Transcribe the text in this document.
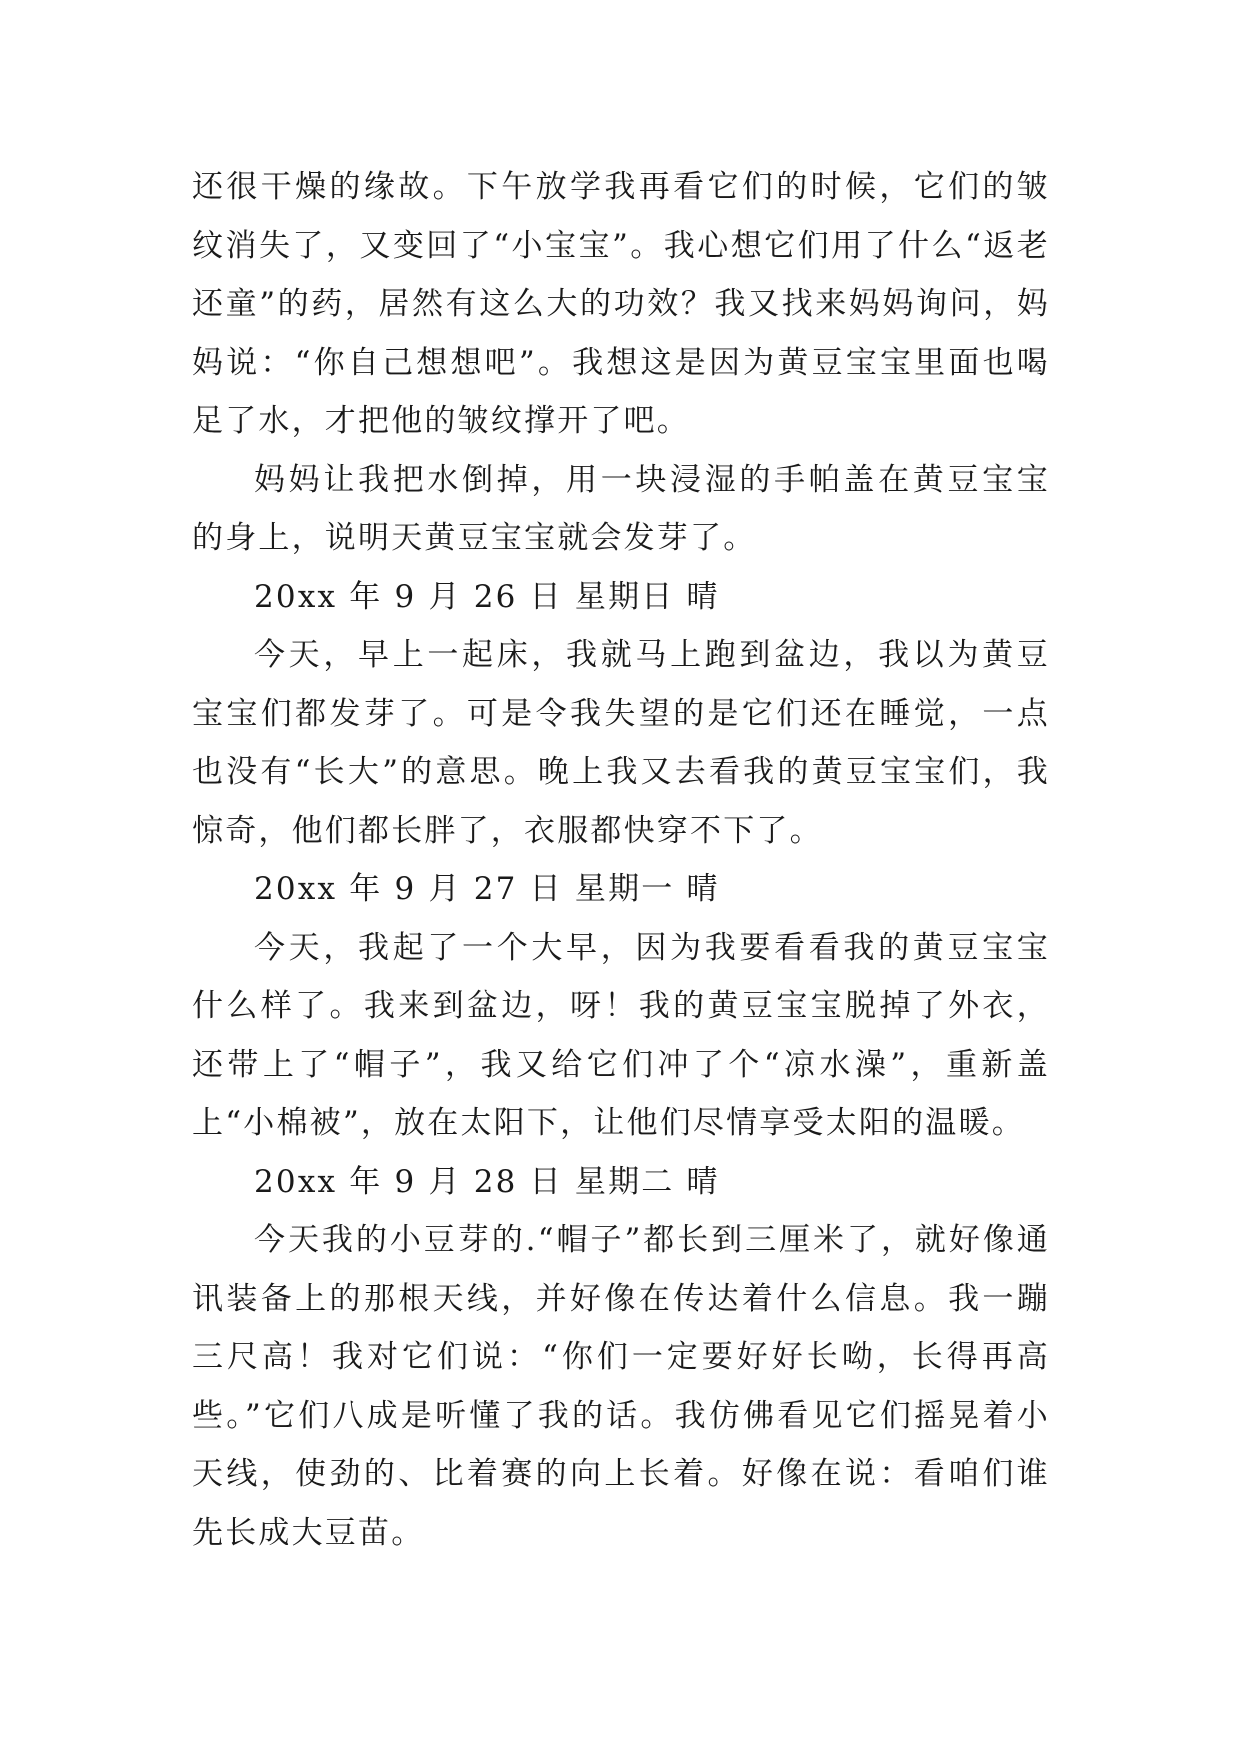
还很干燥的缘故。下午放学我再看它们的时候，它们的皱纹消失了，又变回了“小宝宝”。我心想它们用了什么“返老还童”的药，居然有这么大的功效？我又找来妈妈询问，妈妈说：“你自己想想吧”。我想这是因为黄豆宝宝里面也喝足了水，才把他的皱纹撑开了吧。

妈妈让我把水倒掉，用一块浸湿的手帕盖在黄豆宝宝的身上，说明天黄豆宝宝就会发芽了。

20xx 年 9 月 26 日 星期日 晴

今天，早上一起床，我就马上跑到盆边，我以为黄豆宝宝们都发芽了。可是令我失望的是它们还在睡觉，一点也没有“长大”的意思。晚上我又去看我的黄豆宝宝们，我惊奇，他们都长胖了，衣服都快穿不下了。

20xx 年 9 月 27 日 星期一 晴

今天，我起了一个大早，因为我要看看我的黄豆宝宝什么样了。我来到盆边，呀！我的黄豆宝宝脱掉了外衣，还带上了“帽子”，我又给它们冲了个“凉水澡”，重新盖上“小棉被”，放在太阳下，让他们尽情享受太阳的温暖。

20xx 年 9 月 28 日 星期二 晴

今天我的小豆芽的.“帽子”都长到三厘米了，就好像通讯装备上的那根天线，并好像在传达着什么信息。我一蹦三尺高！我对它们说：“你们一定要好好长呦，长得再高些。”它们八成是听懂了我的话。我仿佛看见它们摇晃着小天线，使劲的、比着赛的向上长着。好像在说：看咱们谁先长成大豆苗。
